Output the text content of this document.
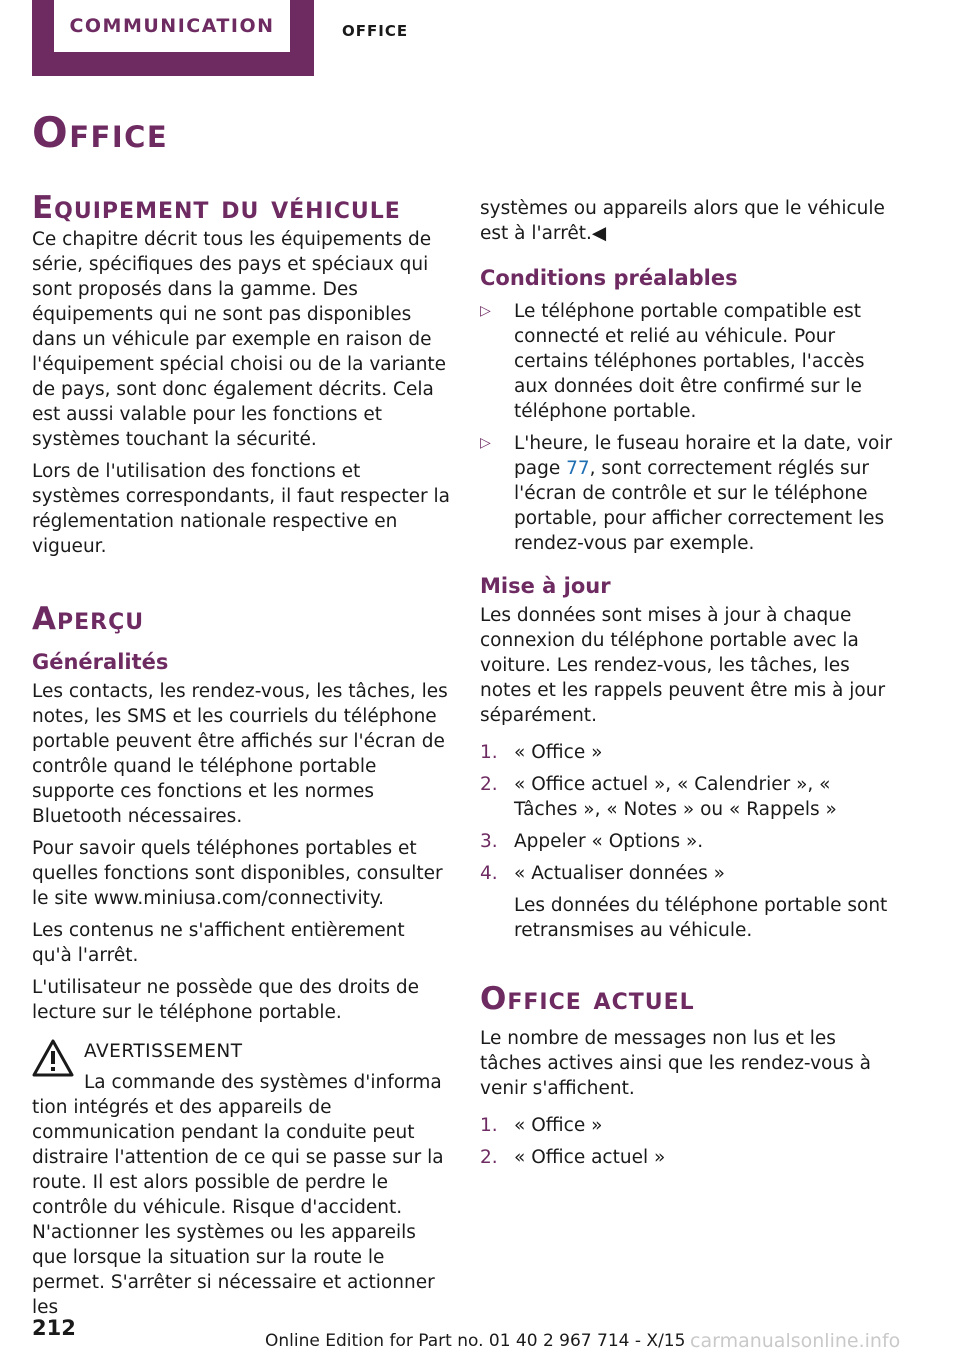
COMMUNICATION	OFFICE
Office
Equipement du véhicule

Ce chapitre décrit tous les équipements de série, spécifiques des pays et spéciaux qui sont proposés dans la gamme. Des équipements qui ne sont pas disponibles dans un véhicule par exemple en raison de l'équipement spécial choisi ou de la variante de pays, sont donc également décrits. Cela est aussi valable pour les fonctions et systèmes touchant la sécurité.

Lors de l'utilisation des fonctions et systèmes correspondants, il faut respecter la réglementation nationale respective en vigueur.

Aperçu
Généralités

Les contacts, les rendez-vous, les tâches, les notes, les SMS et les courriels du téléphone portable peuvent être affichés sur l'écran de contrôle quand le téléphone portable supporte ces fonctions et les normes Bluetooth nécessaires.

Pour savoir quels téléphones portables et quelles fonctions sont disponibles, consulter le site www.miniusa.com/connectivity.

Les contenus ne s'affichent entièrement qu'à l'arrêt.

L'utilisateur ne possède que des droits de lecture sur le téléphone portable.

AVERTISSEMENT
La commande des systèmes d'informa
tion intégrés et des appareils de communication pendant la conduite peut distraire l'attention de ce qui se passe sur la route. Il est alors possible de perdre le contrôle du véhicule. Risque d'accident. N'actionner les systèmes ou les appareils que lorsque la situation sur la route le permet. S'arrêter si nécessaire et actionner les

systèmes ou appareils alors que le véhicule est à l'arrêt.◀

Conditions préalables
▷ Le téléphone portable compatible est connecté et relié au véhicule. Pour certains téléphones portables, l'accès aux données doit être confirmé sur le téléphone portable.
▷ L'heure, le fuseau horaire et la date, voir page 77, sont correctement réglés sur l'écran de contrôle et sur le téléphone portable, pour afficher correctement les rendez-vous par exemple.
Mise à jour

Les données sont mises à jour à chaque connexion du téléphone portable avec la voiture. Les rendez-vous, les tâches, les notes et les rappels peuvent être mis à jour séparément.

1. « Office »
2. « Office actuel », « Calendrier », « Tâches », « Notes » ou « Rappels »
3. Appeler « Options ».
4. « Actualiser données »
Les données du téléphone portable sont retransmises au véhicule.
Office actuel

Le nombre de messages non lus et les tâches actives ainsi que les rendez-vous à venir s'affichent.

1. « Office »
2. « Office actuel »
212
Online Edition for Part no. 01 40 2 967 714 - X/15 carmanualsonline.info
